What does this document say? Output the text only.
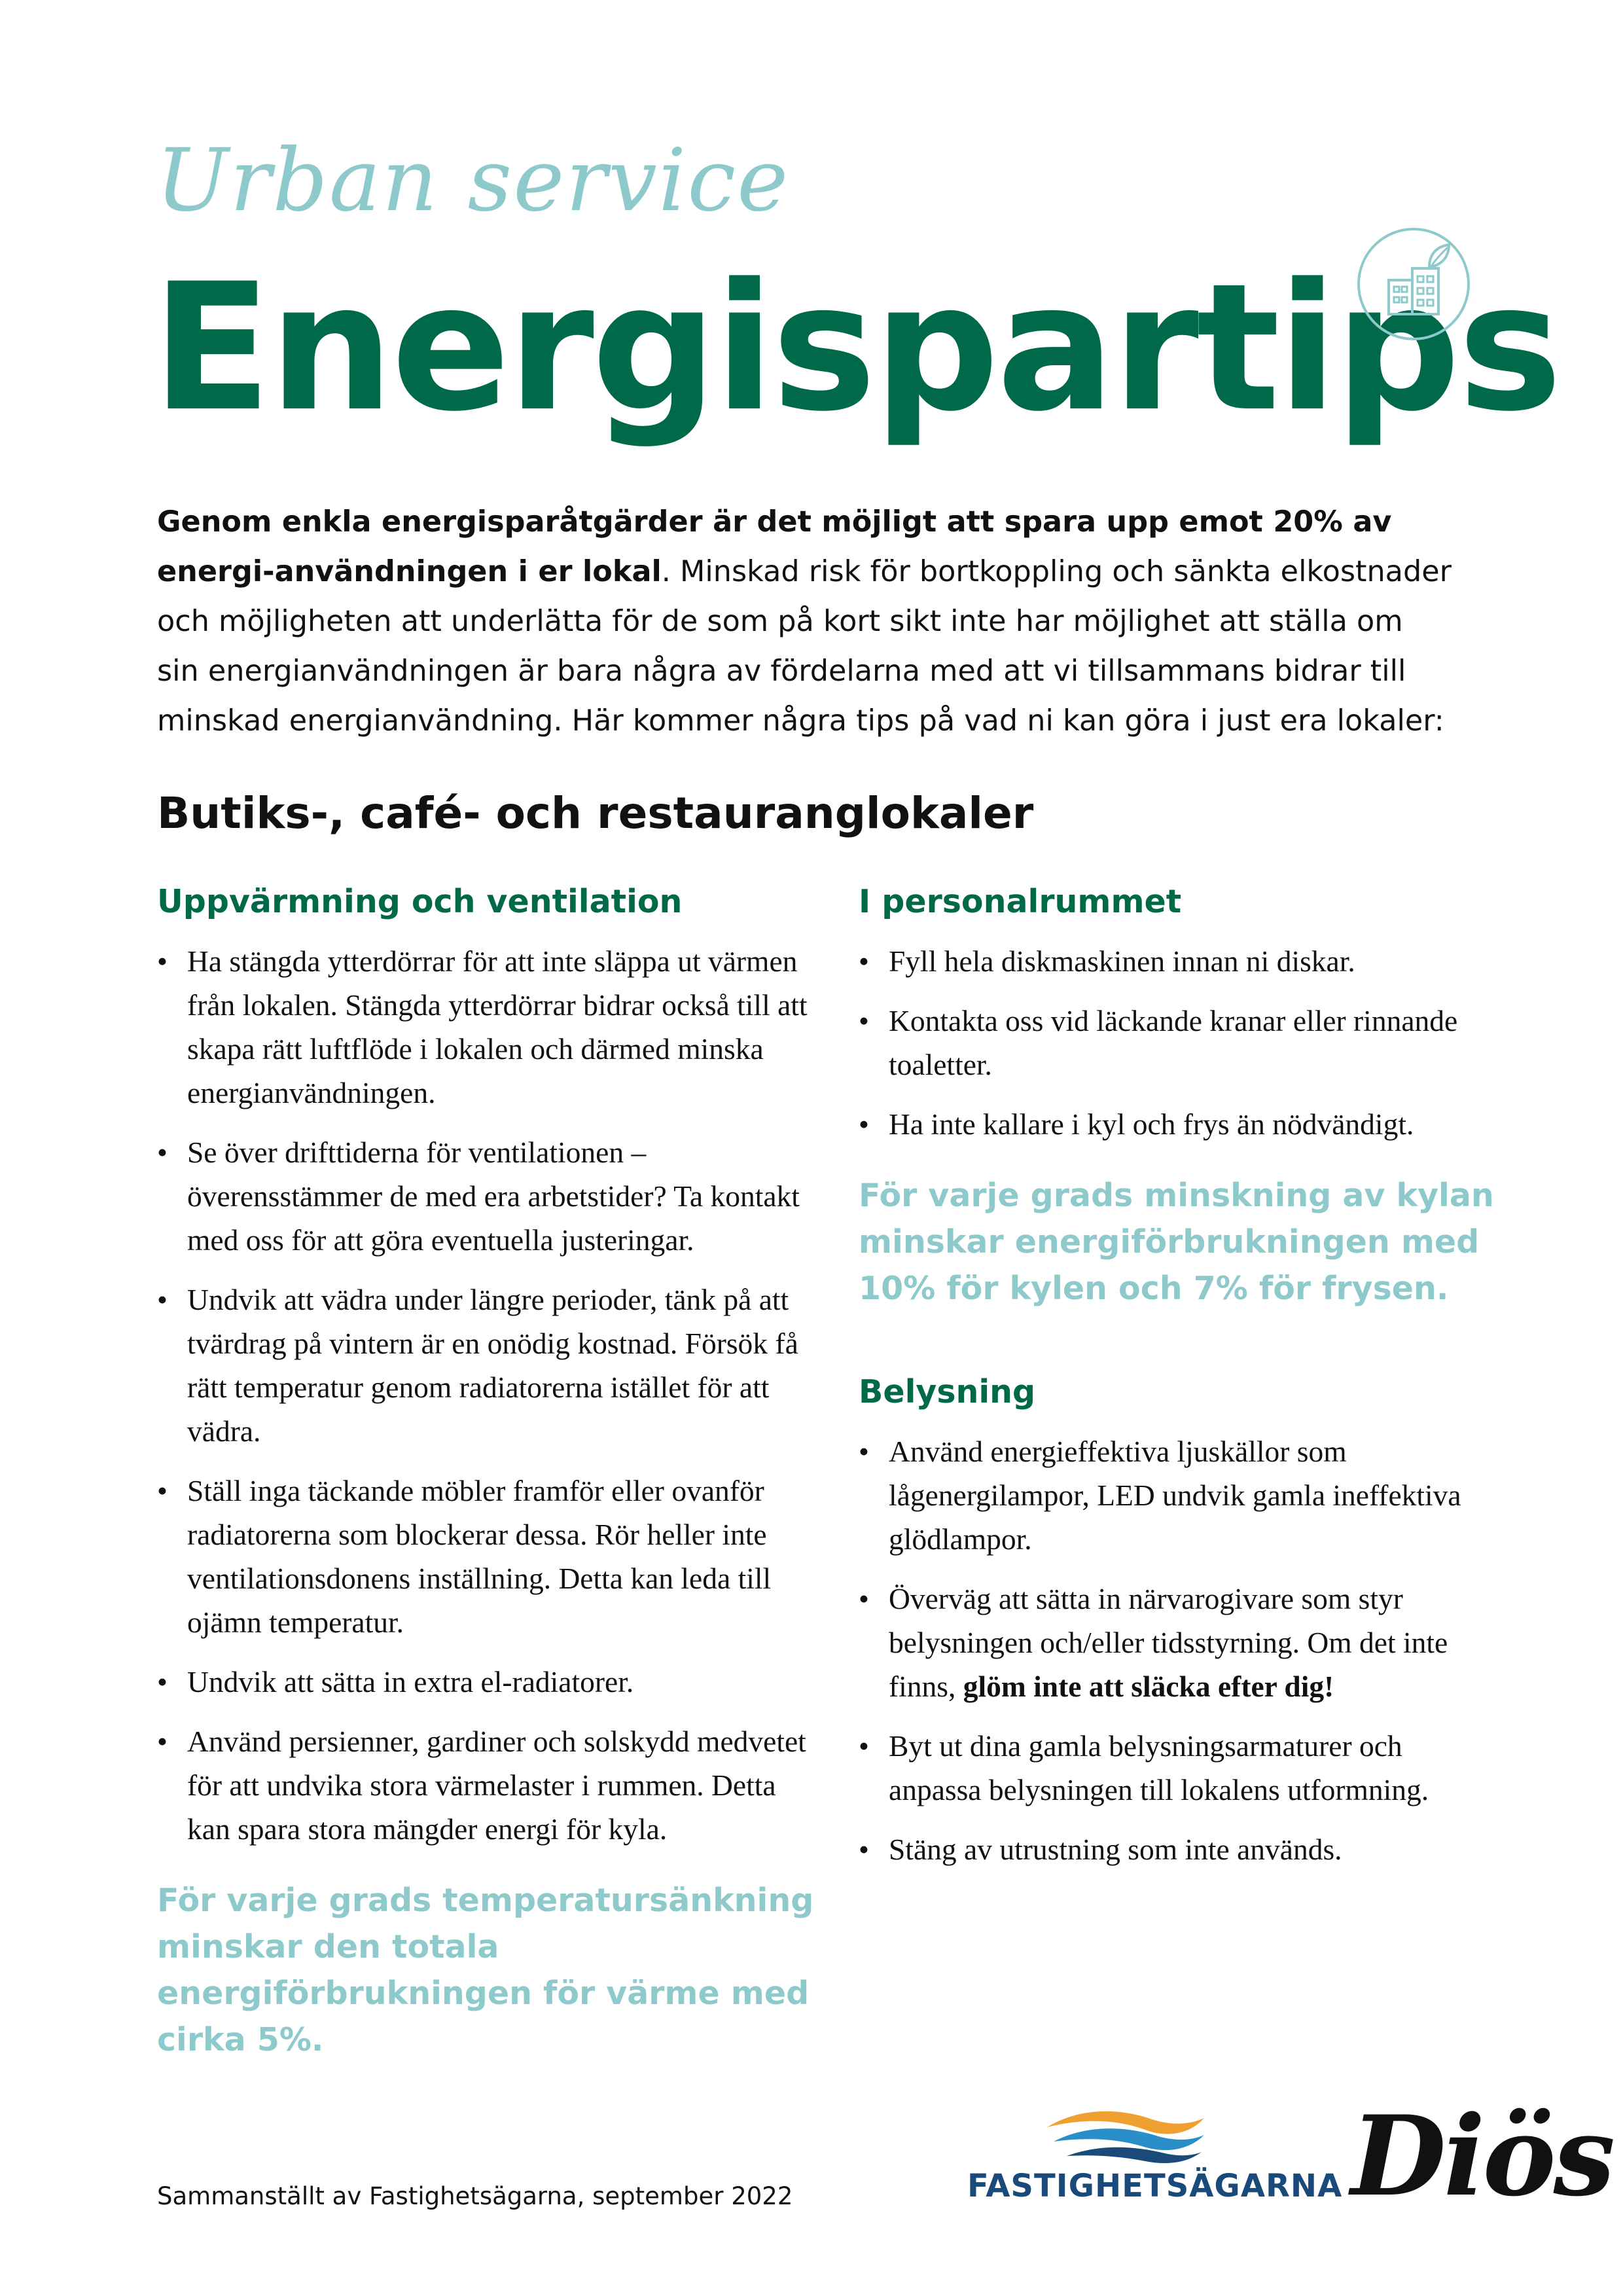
Urban service
Energispartips
Genom enkla energisparåtgärder är det möjligt att spara upp emot 20% av energi-användningen i er lokal. Minskad risk för bortkoppling och sänkta elkostnader och möjligheten att underlätta för de som på kort sikt inte har möjlighet att ställa om sin energianvändningen är bara några av fördelarna med att vi tillsammans bidrar till minskad energianvändning. Här kommer några tips på vad ni kan göra i just era lokaler:
Butiks-, café- och restauranglokaler
Uppvärmning och ventilation
• Ha stängda ytterdörrar för att inte släppa ut värmen från lokalen. Stängda ytterdörrar bidrar också till att skapa rätt luftflöde i lokalen och därmed minska energianvändningen.
• Se över drifttiderna för ventilationen – överensstämmer de med era arbetstider? Ta kontakt med oss för att göra eventuella justeringar.
• Undvik att vädra under längre perioder, tänk på att tvärdrag på vintern är en onödig kostnad. Försök få rätt temperatur genom radiatorerna istället för att vädra.
• Ställ inga täckande möbler framför eller ovanför radiatorerna som blockerar dessa. Rör heller inte ventilationsdonens inställning. Detta kan leda till ojämn temperatur.
• Undvik att sätta in extra el-radiatorer.
• Använd persienner, gardiner och solskydd medvetet för att undvika stora värmelaster i rummen. Detta kan spara stora mängder energi för kyla.
För varje grads temperatursänkning minskar den totala energiförbrukningen för värme med cirka 5%.
I personalrummet
• Fyll hela diskmaskinen innan ni diskar.
• Kontakta oss vid läckande kranar eller rinnande toaletter.
• Ha inte kallare i kyl och frys än nödvändigt.
För varje grads minskning av kylan minskar energiförbrukningen med 10% för kylen och 7% för frysen.
Belysning
• Använd energieffektiva ljuskällor som lågenergilampor, LED undvik gamla ineffektiva glödlampor.
• Överväg att sätta in närvarogivare som styr belysningen och/eller tidsstyrning. Om det inte finns, glöm inte att släcka efter dig!
• Byt ut dina gamla belysningsarmaturer och anpassa belysningen till lokalens utformning.
• Stäng av utrustning som inte används.
Sammanställt av Fastighetsägarna, september 2022	FASTIGHETSÄGARNA Diös
